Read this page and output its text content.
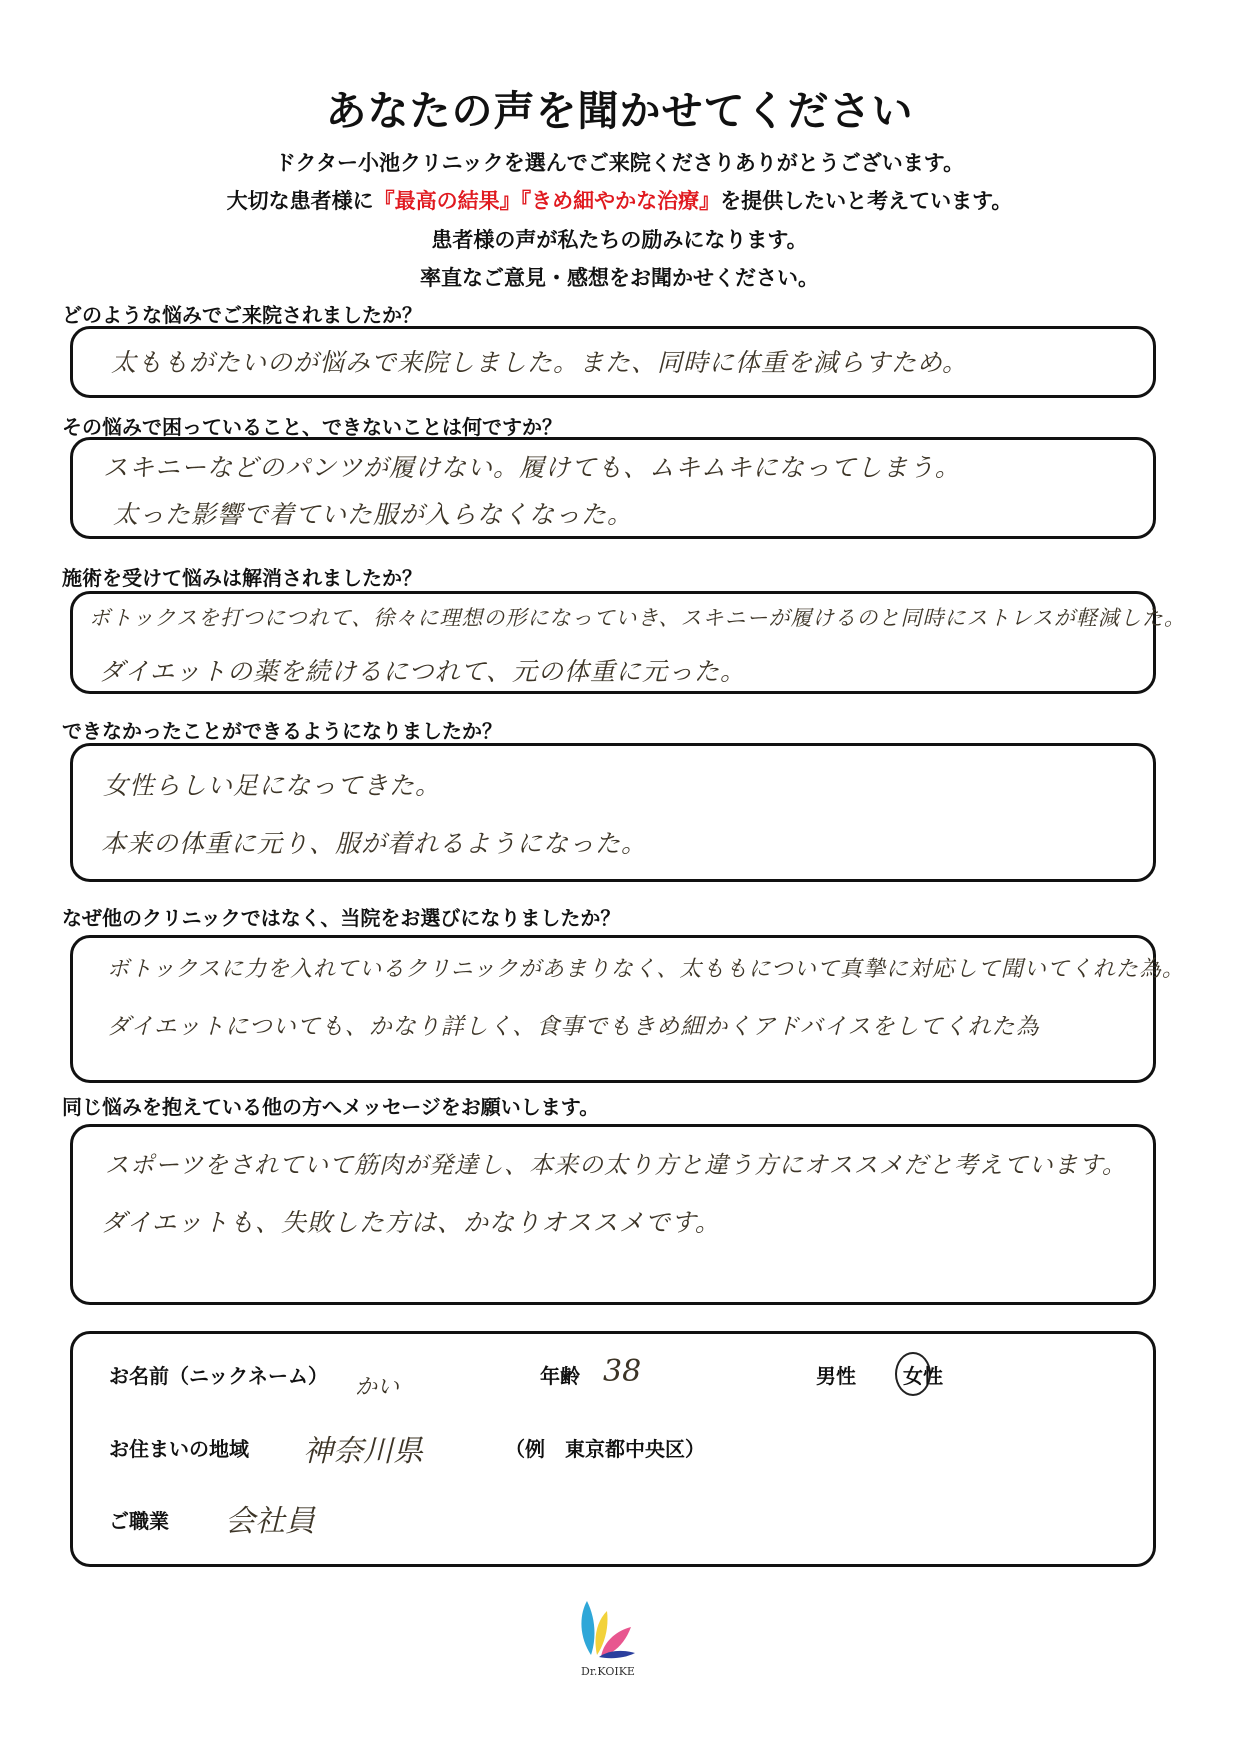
あなたの声を聞かせてください
ドクター小池クリニックを選んでご来院くださりありがとうございます。
大切な患者様に『最高の結果』『きめ細やかな治療』を提供したいと考えています。
患者様の声が私たちの励みになります。
率直なご意見・感想をお聞かせください。
どのような悩みでご来院されましたか？
太ももがたいのが悩みで来院しました。また、同時に体重を減らすため。
その悩みで困っていること、できないことは何ですか？
スキニーなどのパンツが履けない。履けても、ムキムキになってしまう。
太った影響で着ていた服が入らなくなった。
施術を受けて悩みは解消されましたか？
ボトックスを打つにつれて、徐々に理想の形になっていき、スキニーが履けるのと同時にストレスが軽減した。
ダイエットの薬を続けるにつれて、元の体重に元った。
できなかったことができるようになりましたか？
女性らしい足になってきた。
本来の体重に元り、服が着れるようになった。
なぜ他のクリニックではなく、当院をお選びになりましたか？
ボトックスに力を入れているクリニックがあまりなく、太ももについて真摯に対応して聞いてくれた為。
ダイエットについても、かなり詳しく、食事でもきめ細かくアドバイスをしてくれた為
同じ悩みを抱えている他の方へメッセージをお願いします。
スポーツをされていて筋肉が発達し、本来の太り方と違う方にオススメだと考えています。
ダイエットも、失敗した方は、かなりオススメです。
お名前（ニックネーム） かい	年齢 38	男性 女性
お住まいの地域 神奈川県	（例　東京都中央区）
ご職業 会社員
Dr.KOIKE
